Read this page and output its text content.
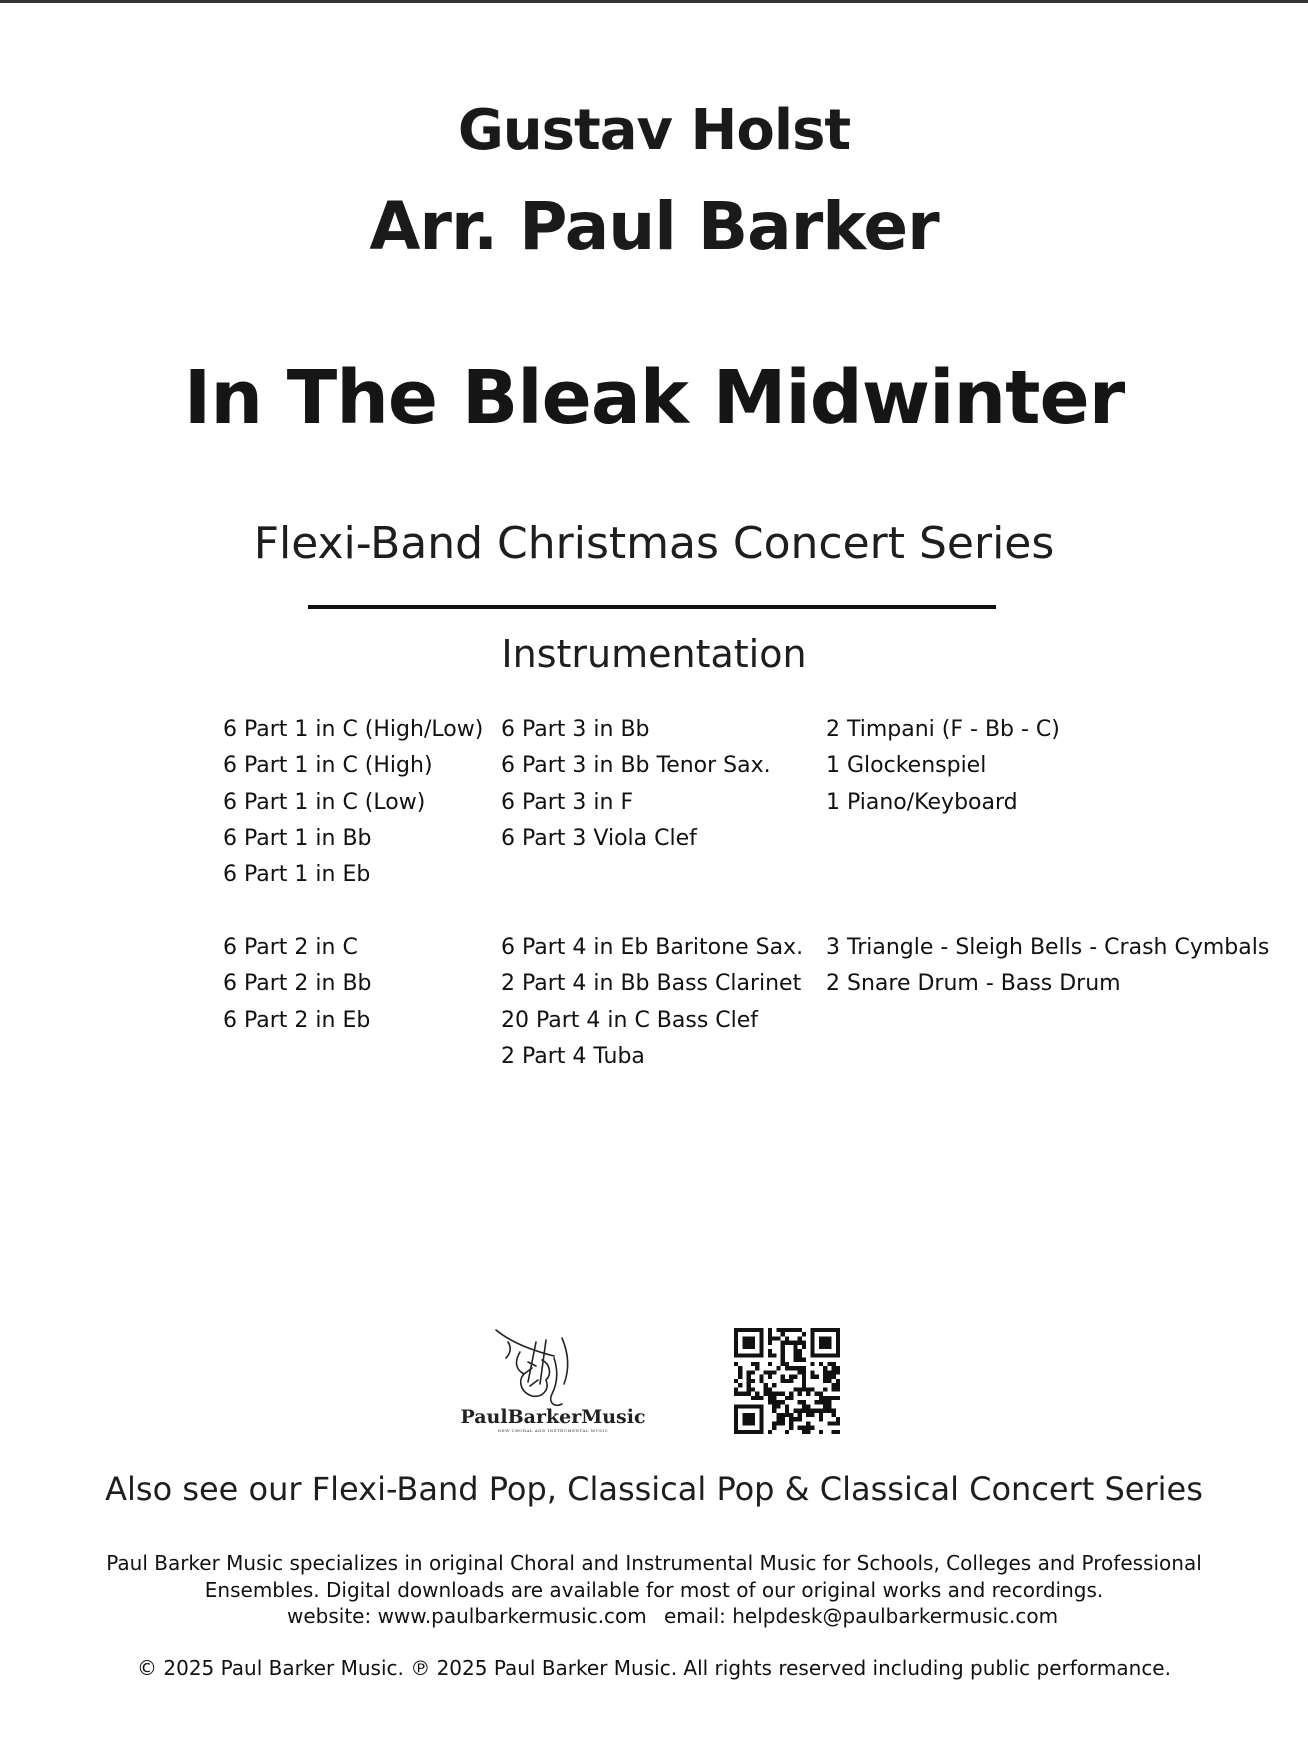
Gustav Holst
Arr. Paul Barker
In The Bleak Midwinter
Flexi-Band Christmas Concert Series
Instrumentation
6 Part 1 in C (High/Low)
6 Part 1 in C (High)
6 Part 1 in C (Low)
6 Part 1 in Bb
6 Part 1 in Eb
6 Part 3 in Bb
6 Part 3 in Bb Tenor Sax.
6 Part 3 in F
6 Part 3 Viola Clef
2 Timpani (F - Bb - C)
1 Glockenspiel
1 Piano/Keyboard
6 Part 2 in C
6 Part 2 in Bb
6 Part 2 in Eb
6 Part 4 in Eb Baritone Sax.
2 Part 4 in Bb Bass Clarinet
20 Part 4 in C Bass Clef
2 Part 4 Tuba
3 Triangle - Sleigh Bells - Crash Cymbals
2 Snare Drum - Bass Drum
PaulBarkerMusic
NEW CHORAL AND INSTRUMENTAL MUSIC
Also see our Flexi-Band Pop, Classical Pop & Classical Concert Series
Paul Barker Music specializes in original Choral and Instrumental Music for Schools, Colleges and Professional Ensembles. Digital downloads are available for most of our original works and recordings.
website: www.paulbarkermusic.com email: helpdesk@paulbarkermusic.com
© 2025 Paul Barker Music. ℗ 2025 Paul Barker Music. All rights reserved including public performance.
